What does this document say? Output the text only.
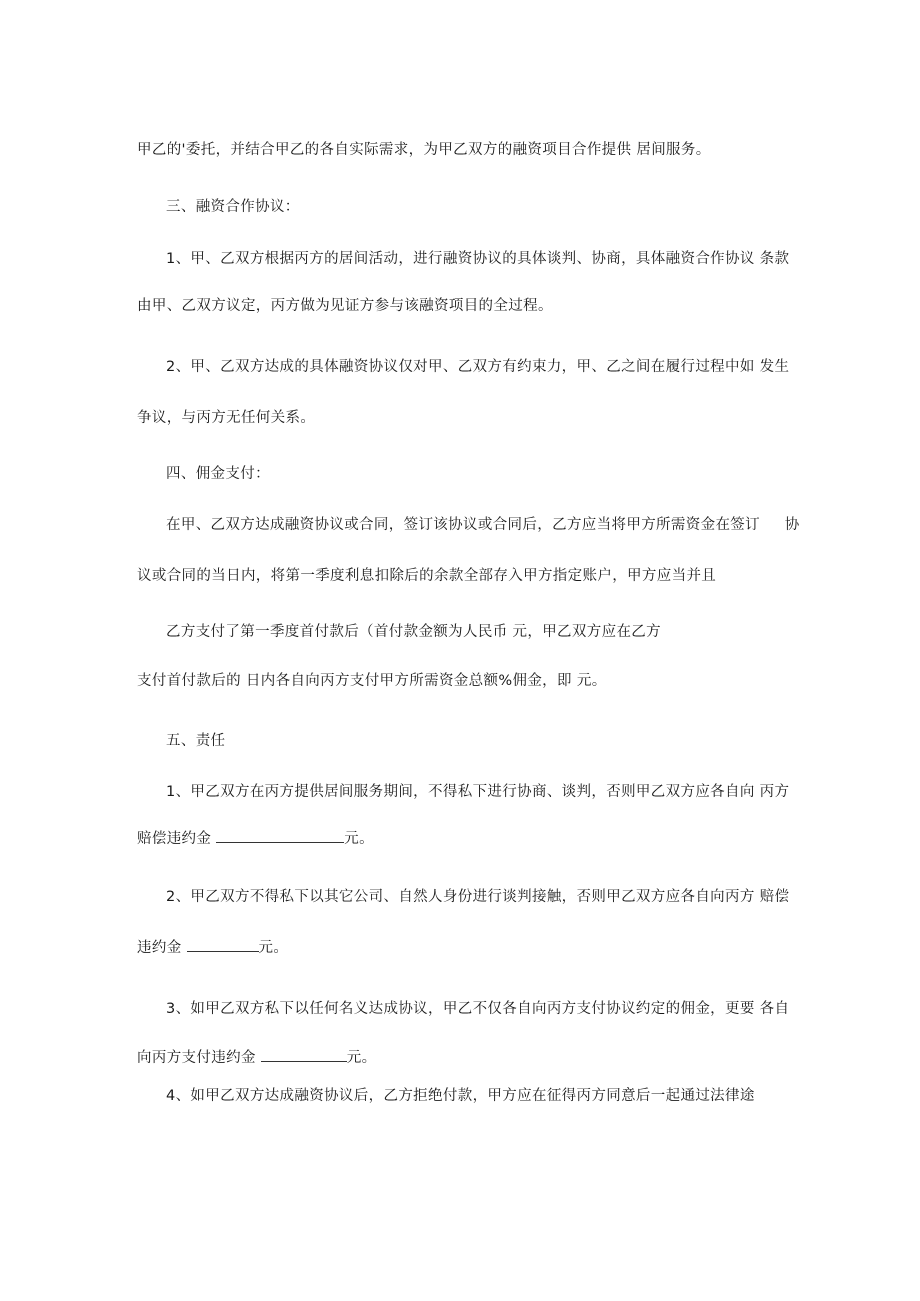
甲乙的'委托，并结合甲乙的各自实际需求，为甲乙双方的融资项目合作提供 居间服务。
三、融资合作协议：
1、甲、乙双方根据丙方的居间活动，进行融资协议的具体谈判、协商，具体融资合作协议 条款
由甲、乙双方议定，丙方做为见证方参与该融资项目的全过程。
2、甲、乙双方达成的具体融资协议仅对甲、乙双方有约束力，甲、乙之间在履行过程中如 发生
争议，与丙方无任何关系。
四、佣金支付：
在甲、乙双方达成融资协议或合同，签订该协议或合同后，乙方应当将甲方所需资金在签订     协
议或合同的当日内，将第一季度利息扣除后的余款全部存入甲方指定账户，甲方应当并且
乙方支付了第一季度首付款后（首付款金额为人民币 元，甲乙双方应在乙方
支付首付款后的 日内各自向丙方支付甲方所需资金总额%佣金，即 元。
五、责任
1、甲乙双方在丙方提供居间服务期间，不得私下进行协商、谈判，否则甲乙双方应各自向 丙方
赔偿违约金	元。
2、甲乙双方不得私下以其它公司、自然人身份进行谈判接触，否则甲乙双方应各自向丙方 赔偿
违约金	元。
3、如甲乙双方私下以任何名义达成协议，甲乙不仅各自向丙方支付协议约定的佣金，更要 各自
向丙方支付违约金	元。
4、如甲乙双方达成融资协议后，乙方拒绝付款，甲方应在征得丙方同意后一起通过法律途
